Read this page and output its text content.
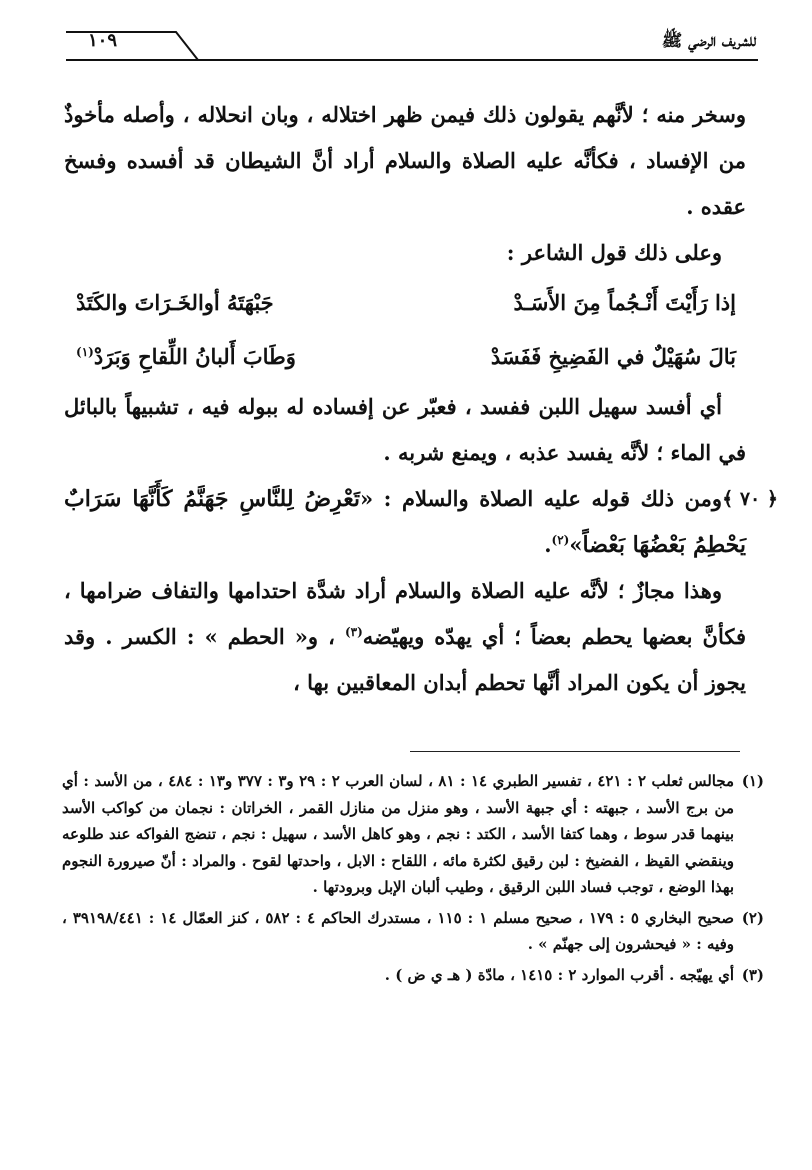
للشريف الرضي ﷺ
١٠٩

وسخر منه ؛ لأنَّهم يقولون ذلك فيمن ظهر اختلاله ، وبان انحلاله ، وأصله مأخوذٌ من الإفساد ، فكأنَّه عليه الصلاة والسلام أراد أنَّ الشيطان قد أفسده وفسخ عقده .

وعلى ذلك قول الشاعر :

إذا رَأَيْتَ أَنْـجُماً مِنَ الأَسَـدْ
جَبْهَتَهُ أوالخَـرَاتَ والكَتَدْ
بَالَ سُهَيْلٌ في الفَضِيخِ فَفَسَدْ
وَطَابَ أَلبانُ اللِّقاحِ وَبَرَدْ$^{(١)}$

أي أفسد سهيل اللبن ففسد ، فعبّر عن إفساده له ببوله فيه ، تشبيهاً بالبائل في الماء ؛ لأنَّه يفسد عذبه ، ويمنع شربه .

﴿ ٧٠ ﴾
ومن ذلك قوله عليه الصلاة والسلام : «تَعْرِضُ لِلنَّاسِ جَهَنَّمُ كَأَنَّهَا سَرَابٌ يَحْطِمُ بَعْضُهَا بَعْضاً»$^{(٢)}$.

وهذا مجازٌ ؛ لأنَّه عليه الصلاة والسلام أراد شدَّة احتدامها والتفاف ضرامها ، فكأنَّ بعضها يحطم بعضاً ؛ أي يهدّه ويهيّضه$^{(٣)}$ ، و« الحطم » : الكسر . وقد يجوز أن يكون المراد أنَّها تحطم أبدان المعاقبين بها ،

(١)
مجالس ثعلب ٢ : ٤٢١ ، تفسير الطبري ١٤ : ٨١ ، لسان العرب ٢ : ٢٩ و٣ : ٣٧٧ و١٣ : ٤٨٤ ، من الأسد : أي من برج الأسد ، جبهته : أي جبهة الأسد ، وهو منزل من منازل القمر ، الخراتان : نجمان من كواكب الأسد بينهما قدر سوط ، وهما كتفا الأسد ، الكتد : نجم ، وهو كاهل الأسد ، سهيل : نجم ، تنضج الفواكه عند طلوعه وينقضي القيظ ، الفضيخ : لبن رقيق لكثرة مائه ، اللقاح : الابل ، واحدتها لقوح . والمراد : أنّ صيرورة النجوم بهذا الوضع ، توجب فساد اللبن الرقيق ، وطيب ألبان الإبل وبرودتها .
(٢)
صحيح البخاري ٥ : ١٧٩ ، صحيح مسلم ١ : ١١٥ ، مستدرك الحاكم ٤ : ٥٨٢ ، كنز العمّال ١٤ : ٣٩١٩٨/٤٤١ ، وفيه : « فيحشرون إلى جهنّم » .
(٣)
أي يهيّجه . أقرب الموارد ٢ : ١٤١٥ ، مادّة ( هـ ي ض ) .
